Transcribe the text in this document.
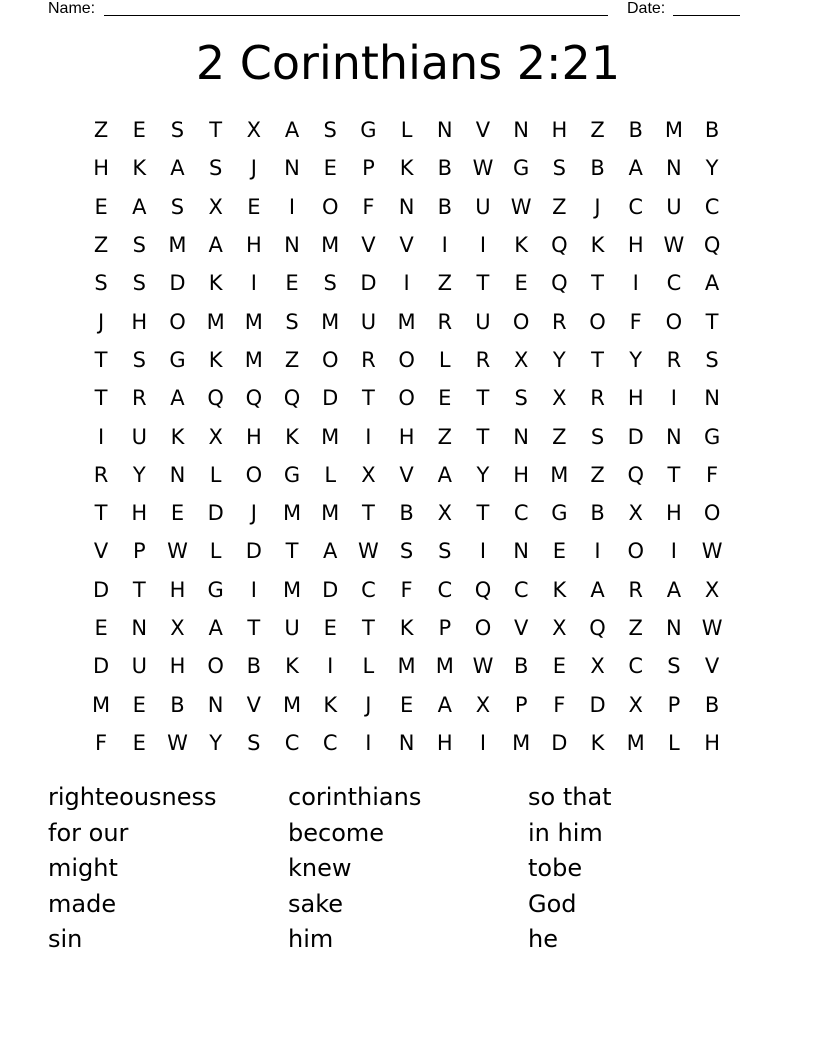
Name:	Date:
2 Corinthians 2:21
Z	E	S	T	X	A	S	G	L	N	V	N	H	Z	B	M	B
H	K	A	S	J	N	E	P	K	B W G	S	B	A	N	Y
E	A	S	X	E	I	O	F	N	B	U W Z	J	C	U	C
Z	S	M	A	H	N	M	V	V	I	I	K	Q	K	H W Q
S	S	D	K	I	E	S	D	I	Z	T	E	Q	T	I	C	A
J	H	O M M	S	M	U	M	R	U	O	R	O	F	O	T
T	S	G	K	M	Z	O	R	O	L	R	X	Y	T	Y	R	S
T	R	A	Q	Q	Q	D	T	O	E	T	S	X	R	H	I	N
I	U	K	X	H	K	M	I	H	Z	T	N	Z	S	D	N	G
R	Y	N	L	O	G	L	X	V	A	Y	H	M	Z	Q	T	F
T	H	E	D	J	M M	T	B	X	T	C	G	B	X	H	O
V	P	W	L	D	T	A W	S	S	I	N	E	I	O	I	W
D	T	H	G	I	M	D	C	F	C	Q	C	K	A	R	A	X
E	N	X	A	T	U	E	T	K	P	O	V	X	Q	Z	N W
D	U	H	O	B	K	I	L	M M W B	E	X	C	S	V
M	E	B	N	V	M	K	J	E	A	X	P	F	D	X	P	B
F	E	W	Y	S	C	C	I	N	H	I	M	D	K	M	L	H
righteousness
for our
might
made
sin
corinthians
become
knew
sake
him
so that
in him
tobe
God
he
